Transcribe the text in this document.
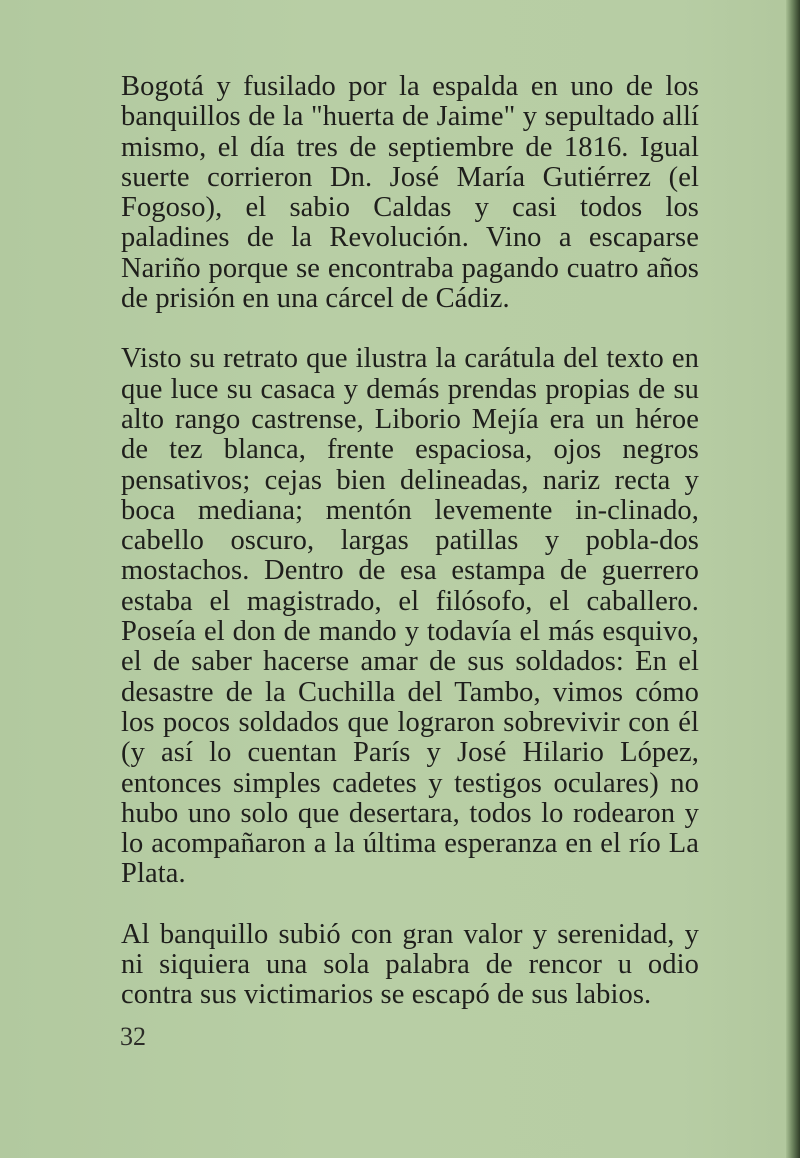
Bogotá y fusilado por la espalda en uno de los banquillos de la "huerta de Jaime" y sepultado allí mismo, el día tres de septiembre de 1816. Igual suerte corrieron Dn. José María Gutiérrez (el Fogoso), el sabio Caldas y casi todos los paladines de la Revolución. Vino a escaparse Nariño porque se encontraba pagando cuatro años de prisión en una cárcel de Cádiz.

Visto su retrato que ilustra la carátula del texto en que luce su casaca y demás prendas propias de su alto rango castrense, Liborio Mejía era un héroe de tez blanca, frente espaciosa, ojos negros pensativos; cejas bien delineadas, nariz recta y boca mediana; mentón levemente in-clinado, cabello oscuro, largas patillas y pobla-dos mostachos. Dentro de esa estampa de guerrero estaba el magistrado, el filósofo, el caballero. Poseía el don de mando y todavía el más esquivo, el de saber hacerse amar de sus soldados: En el desastre de la Cuchilla del Tambo, vimos cómo los pocos soldados que lograron sobrevivir con él (y así lo cuentan París y José Hilario López, entonces simples cadetes y testigos oculares) no hubo uno solo que desertara, todos lo rodearon y lo acompañaron a la última esperanza en el río La Plata.

Al banquillo subió con gran valor y serenidad, y ni siquiera una sola palabra de rencor u odio contra sus victimarios se escapó de sus labios.

32
